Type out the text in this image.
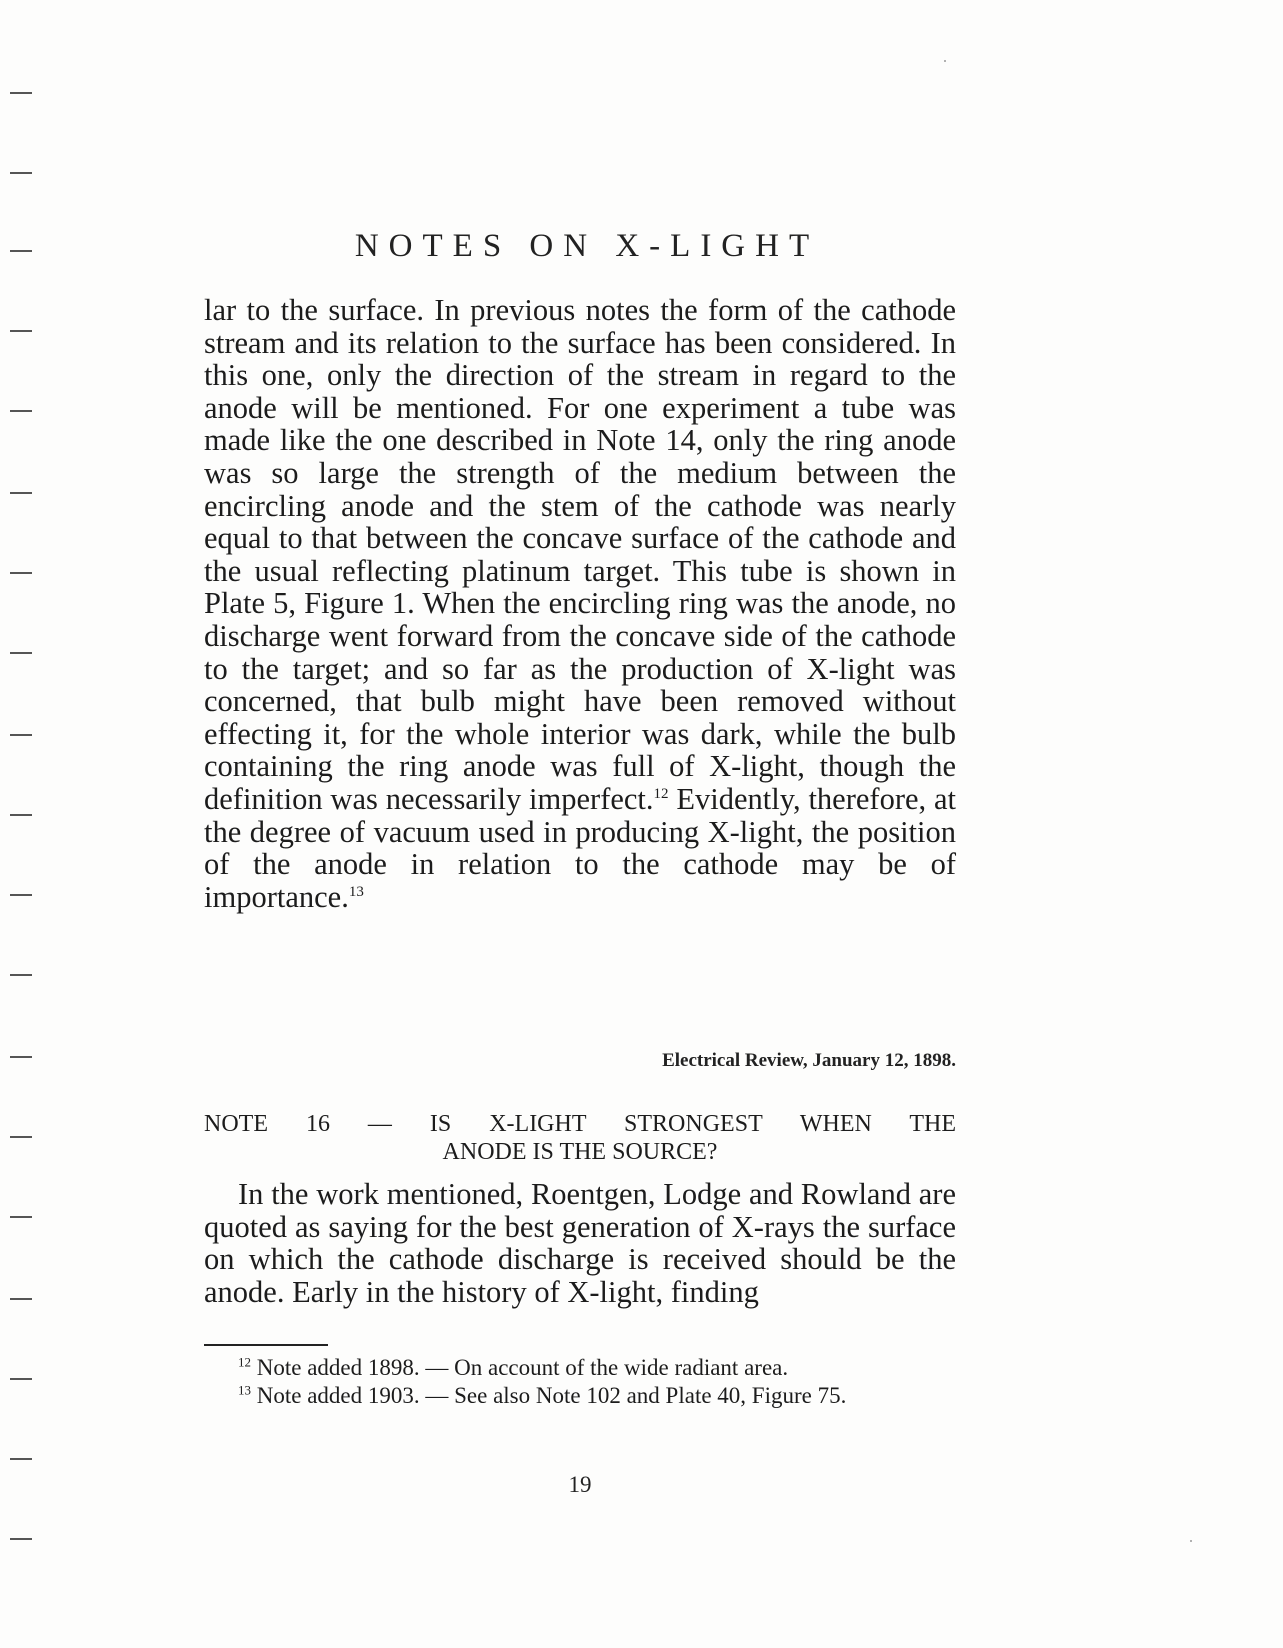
NOTES ON X-LIGHT

lar to the surface. In previous notes the form of the cathode stream and its relation to the surface has been considered. In this one, only the direction of the stream in regard to the anode will be mentioned. For one experiment a tube was made like the one described in Note 14, only the ring anode was so large the strength of the medium between the encircling anode and the stem of the cathode was nearly equal to that between the concave surface of the cathode and the usual reflecting platinum target. This tube is shown in Plate 5, Figure 1. When the encircling ring was the anode, no discharge went forward from the concave side of the cathode to the target; and so far as the production of X-light was concerned, that bulb might have been removed without effecting it, for the whole interior was dark, while the bulb containing the ring anode was full of X-light, though the definition was necessarily imperfect.$^{12}$ Evidently, therefore, at the degree of vacuum used in producing X-light, the position of the anode in relation to the cathode may be of importance.$^{13}$

Electrical Review, January 12, 1898.
NOTE 16 — IS X-LIGHT STRONGEST WHEN THE
ANODE IS THE SOURCE?

In the work mentioned, Roentgen, Lodge and Rowland are quoted as saying for the best generation of X-rays the surface on which the cathode discharge is received should be the anode. Early in the history of X-light, finding

$^{12}$ Note added 1898. — On account of the wide radiant area.

$^{13}$ Note added 1903. — See also Note 102 and Plate 40, Figure 75.

19
